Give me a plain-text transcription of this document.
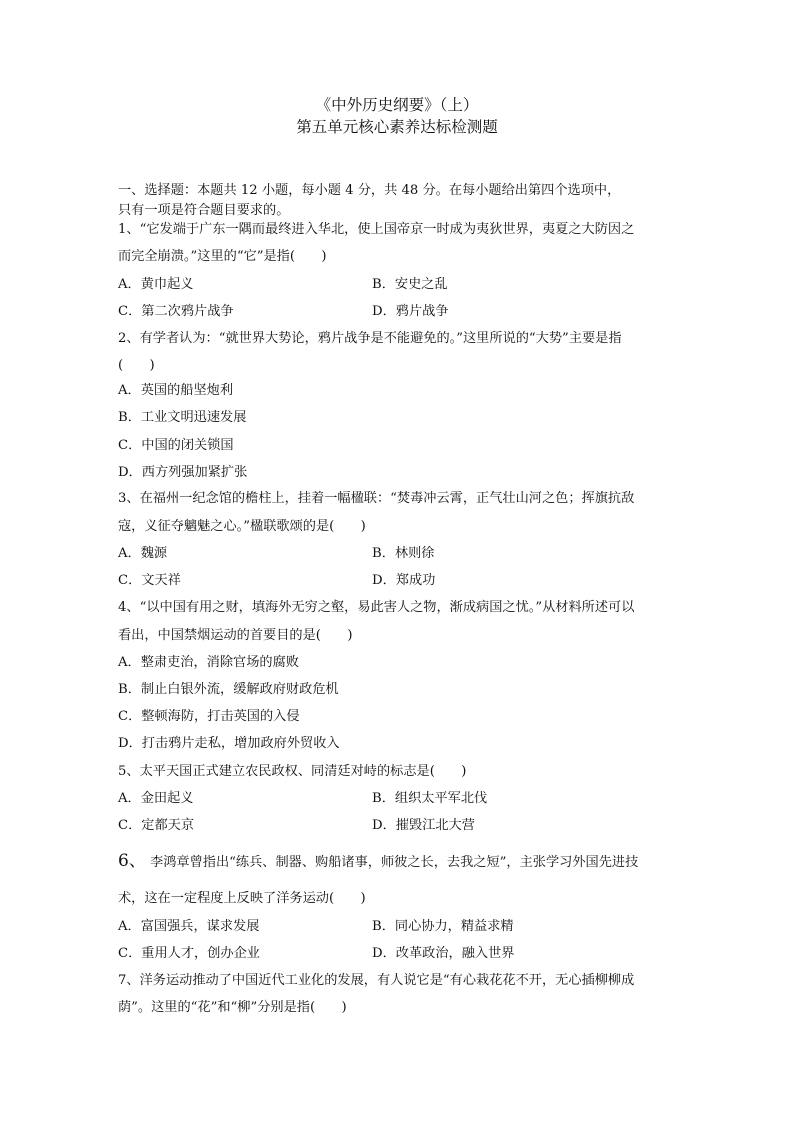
《中外历史纲要》（上）
第五单元核心素养达标检测题
一、选择题：本题共 12 小题，每小题 4 分，共 48 分。在每小题给出第四个选项中，
只有一项是符合题目要求的。
1、“它发端于广东一隅而最终进入华北，使上国帝京一时成为夷狄世界，夷夏之大防因之
而完全崩溃。”这里的“它”是指(　　)
A．黄巾起义	B．安史之乱
C．第二次鸦片战争	D．鸦片战争
2、有学者认为：“就世界大势论，鸦片战争是不能避免的。”这里所说的“大势”主要是指
(　　)
A．英国的船坚炮利
B．工业文明迅速发展
C．中国的闭关锁国
D．西方列强加紧扩张
3、在福州一纪念馆的檐柱上，挂着一幅楹联：“焚毒冲云霄，正气壮山河之色；挥旗抗敌
寇，义征夺魑魅之心。”楹联歌颂的是(　　)
A．魏源	B．林则徐
C．文天祥	D．郑成功
4、“以中国有用之财，填海外无穷之壑，易此害人之物，渐成病国之忧。”从材料所述可以
看出，中国禁烟运动的首要目的是(　　)
A．整肃吏治，消除官场的腐败
B．制止白银外流，缓解政府财政危机
C．整顿海防，打击英国的入侵
D．打击鸦片走私，增加政府外贸收入
5、太平天国正式建立农民政权、同清廷对峙的标志是(　　)
A．金田起义	B．组织太平军北伐
C．定都天京	D．摧毁江北大营
6、 李鸿章曾指出“练兵、制器、购船诸事，师彼之长，去我之短”，主张学习外国先进技
术，这在一定程度上反映了洋务运动(　　)
A．富国强兵，谋求发展	B．同心协力，精益求精
C．重用人才，创办企业	D．改革政治，融入世界
7、洋务运动推动了中国近代工业化的发展，有人说它是“有心栽花花不开，无心插柳柳成
荫”。这里的“花”和“柳”分别是指(　　)
